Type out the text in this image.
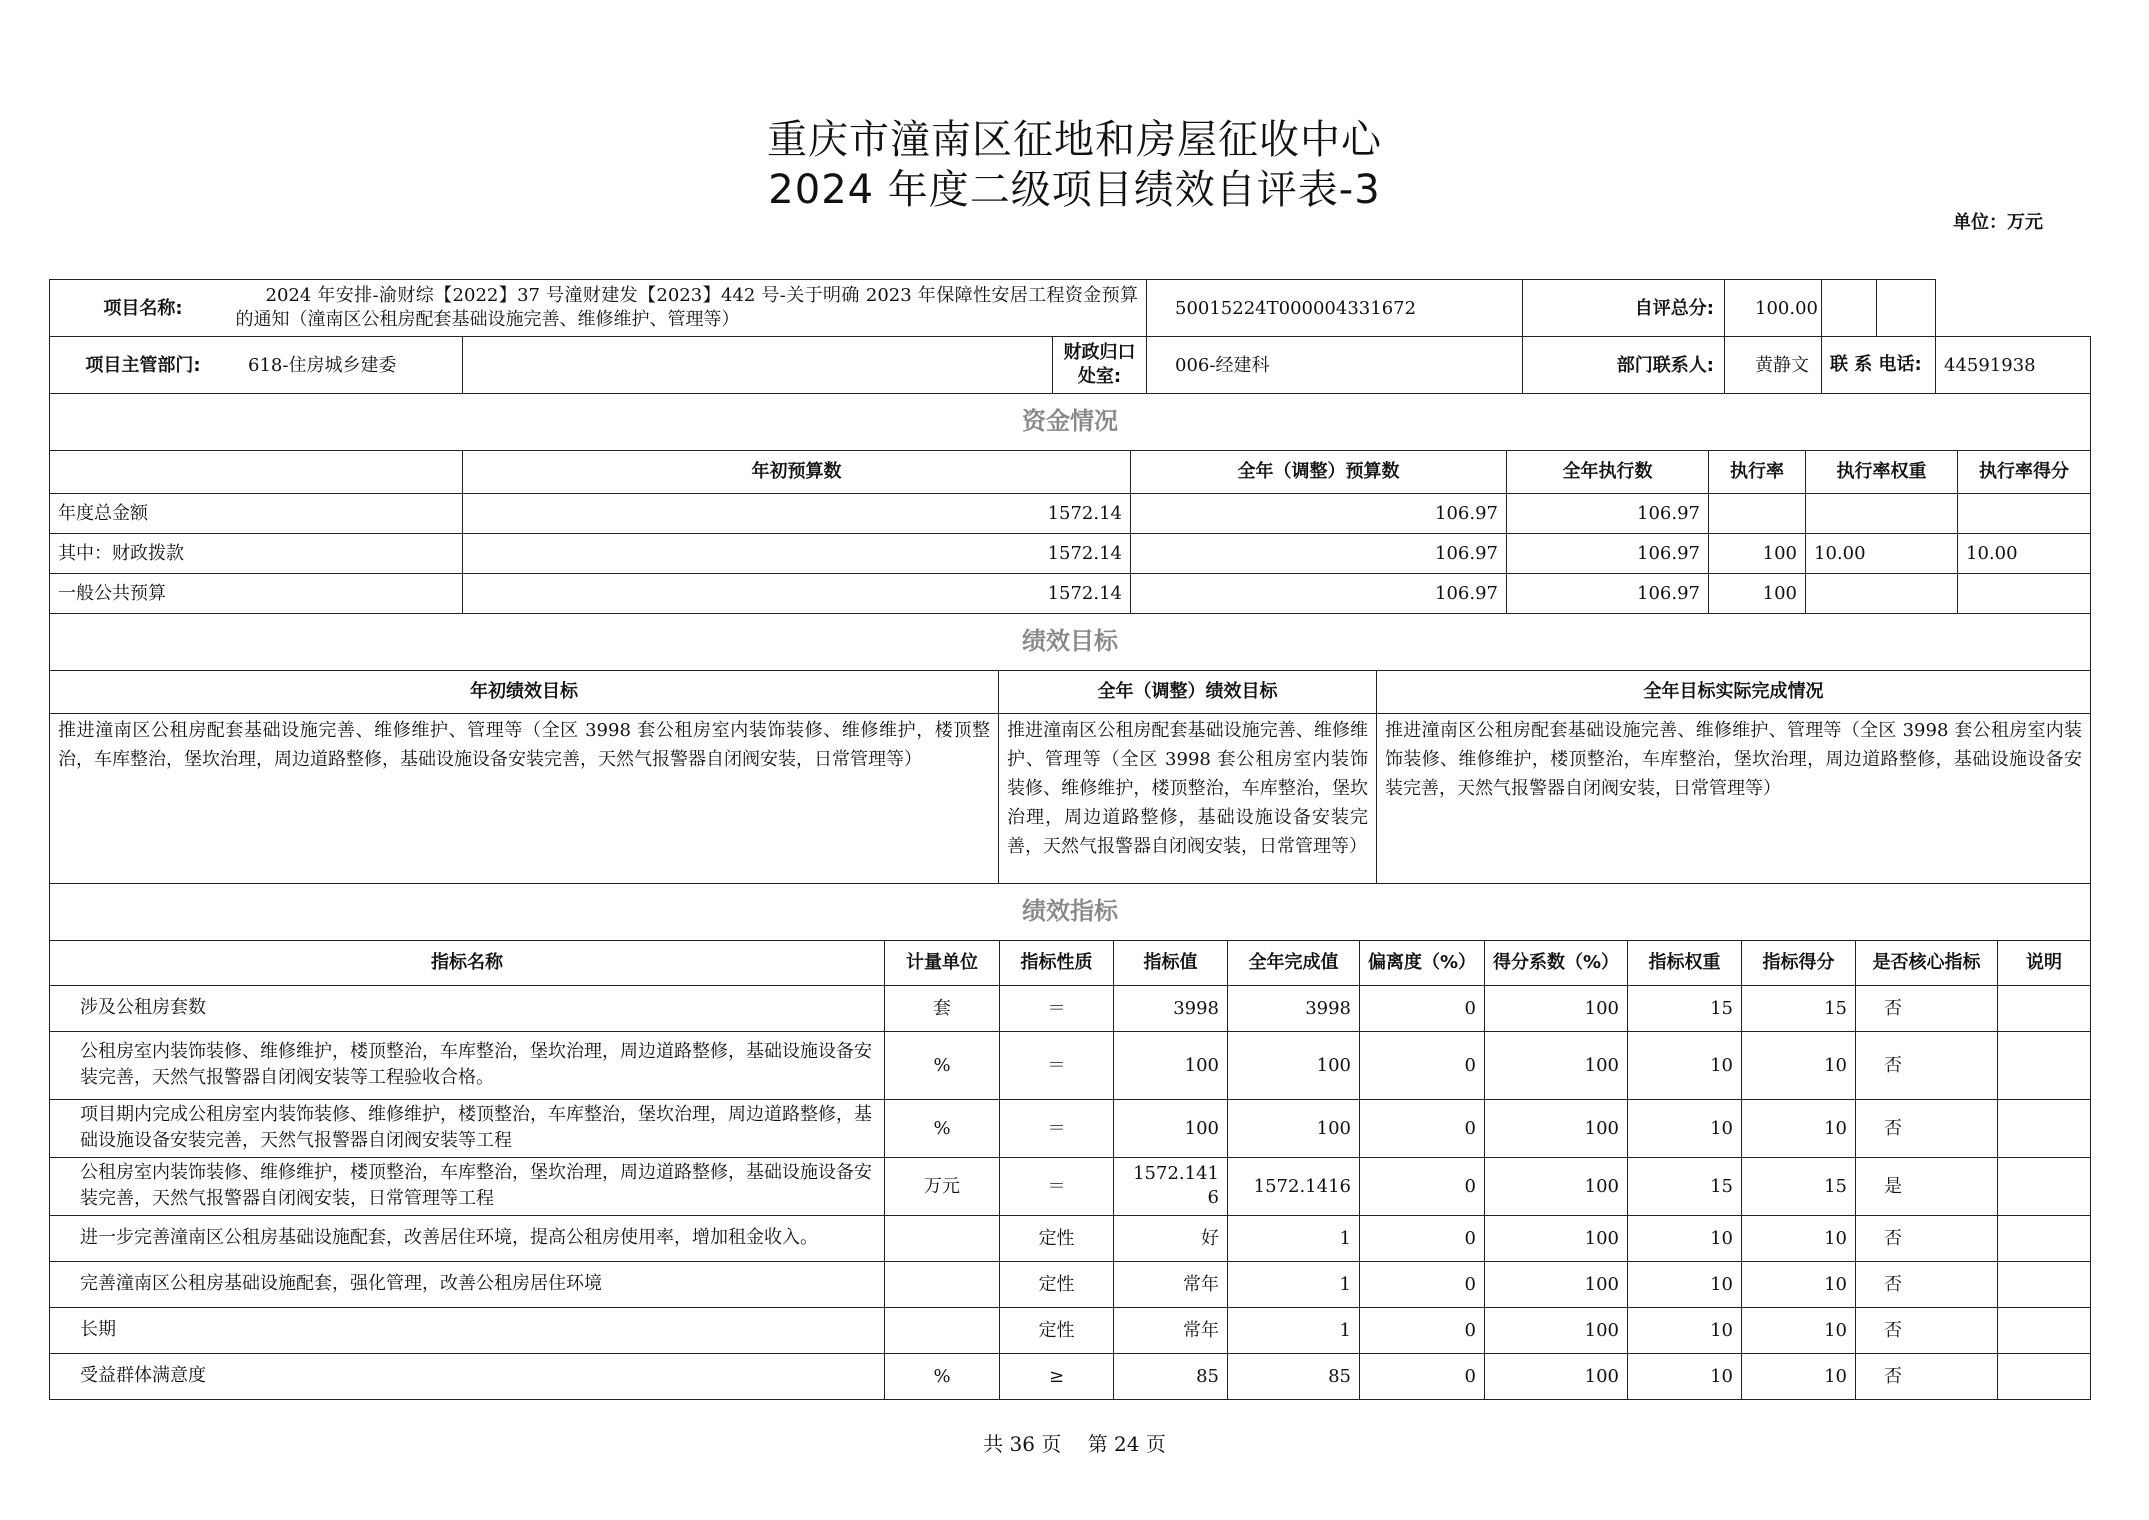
重庆市潼南区征地和房屋征收中心
2024 年度二级项目绩效自评表-3
单位：万元
项目名称:	2024 年安排-渝财综【2022】37 号潼财建发【2023】442 号-关于明确 2023 年保障性安居工程资金预算的通知（潼南区公租房配套基础设施完善、维修维护、管理等）		50015224T000004331672	自评总分:	100.00			

项目主管部门: 618-住房城乡建委		财政归口处室:	006-经建科	部门联系人:	黄静文	联 系 电话:		44591938
资金情况						
	年初预算数	全年（调整）预算数	全年执行数	执行率	执行率权重	执行率得分
年度总金额	1572.14	106.97	106.97			
其中：财政拨款	1572.14	106.97	106.97	100	10.00	10.00
一般公共预算	1572.14	106.97	106.97	100		
绩效目标		
年初绩效目标	全年（调整）绩效目标	全年目标实际完成情况
推进潼南区公租房配套基础设施完善、维修维护、管理等（全区 3998 套公租房室内装饰装修、维修维护，楼顶整治，车库整治，堡坎治理，周边道路整修，基础设施设备安装完善，天然气报警器自闭阀安装，日常管理等）	推进潼南区公租房配套基础设施完善、维修维护、管理等（全区 3998 套公租房室内装饰装修、维修维护，楼顶整治，车库整治，堡坎治理，周边道路整修，基础设施设备安装完善，天然气报警器自闭阀安装，日常管理等）	推进潼南区公租房配套基础设施完善、维修维护、管理等（全区 3998 套公租房室内装饰装修、维修维护，楼顶整治，车库整治，堡坎治理，周边道路整修，基础设施设备安装完善，天然气报警器自闭阀安装，日常管理等）
绩效指标										
指标名称	计量单位	指标性质	指标值	全年完成值	偏离度（%）	得分系数（%）	指标权重	指标得分	是否核心指标	说明
涉及公租房套数	套	＝	3998	3998	0	100	15	15	否	
公租房室内装饰装修、维修维护，楼顶整治，车库整治，堡坎治理，周边道路整修，基础设施设备安装完善，天然气报警器自闭阀安装等工程验收合格。	%	＝	100	100	0	100	10	10	否	
项目期内完成公租房室内装饰装修、维修维护，楼顶整治，车库整治，堡坎治理，周边道路整修，基础设施设备安装完善，天然气报警器自闭阀安装等工程	%	＝	100	100	0	100	10	10	否	
公租房室内装饰装修、维修维护，楼顶整治，车库整治，堡坎治理，周边道路整修，基础设施设备安装完善，天然气报警器自闭阀安装，日常管理等工程	万元	＝	1572.1416	1572.1416	0	100	15	15	是	
进一步完善潼南区公租房基础设施配套，改善居住环境，提高公租房使用率，增加租金收入。		定性	好	1	0	100	10	10	否	
完善潼南区公租房基础设施配套，强化管理，改善公租房居住环境		定性	常年	1	0	100	10	10	否	
长期		定性	常年	1	0	100	10	10	否	
受益群体满意度	%	≥	85	85	0	100	10	10	否	
共 36 页　 第 24 页
